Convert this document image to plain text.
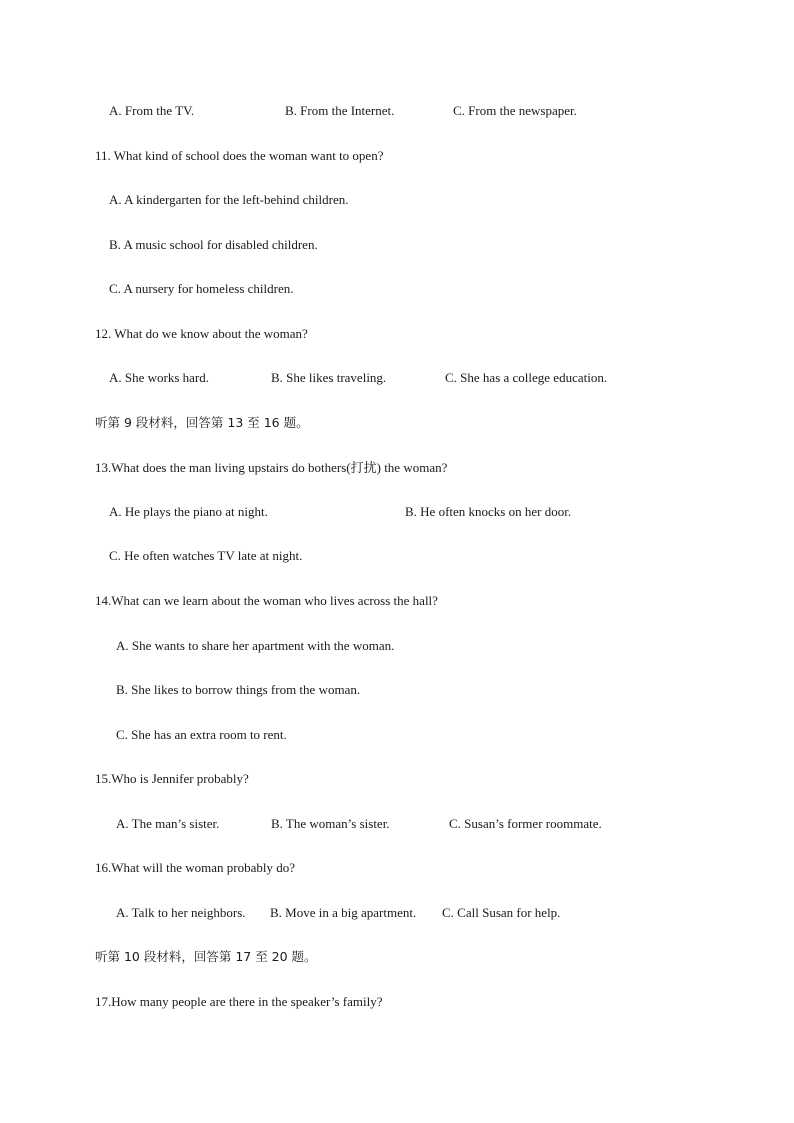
A. From the TV.	B. From the Internet.	C. From the newspaper.
11. What kind of school does the woman want to open?
A. A kindergarten for the left-behind children.
B. A music school for disabled children.
C. A nursery for homeless children.
12. What do we know about the woman?
A. She works hard.	B. She likes traveling.	C. She has a college education.
听第 9 段材料，回答第 13 至 16 题。
13.What does the man living upstairs do bothers(打扰) the woman?
A. He plays the piano at night.	B. He often knocks on her door.
C. He often watches TV late at night.
14.What can we learn about the woman who lives across the hall?
A. She wants to share her apartment with the woman.
B. She likes to borrow things from the woman.
C. She has an extra room to rent.
15.Who is Jennifer probably?
A. The man’s sister.	B. The woman’s sister.	C. Susan’s former roommate.
16.What will the woman probably do?
A. Talk to her neighbors. B. Move in a big apartment. C. Call Susan for help.
听第 10 段材料，回答第 17 至 20 题。
17.How many people are there in the speaker’s family?
